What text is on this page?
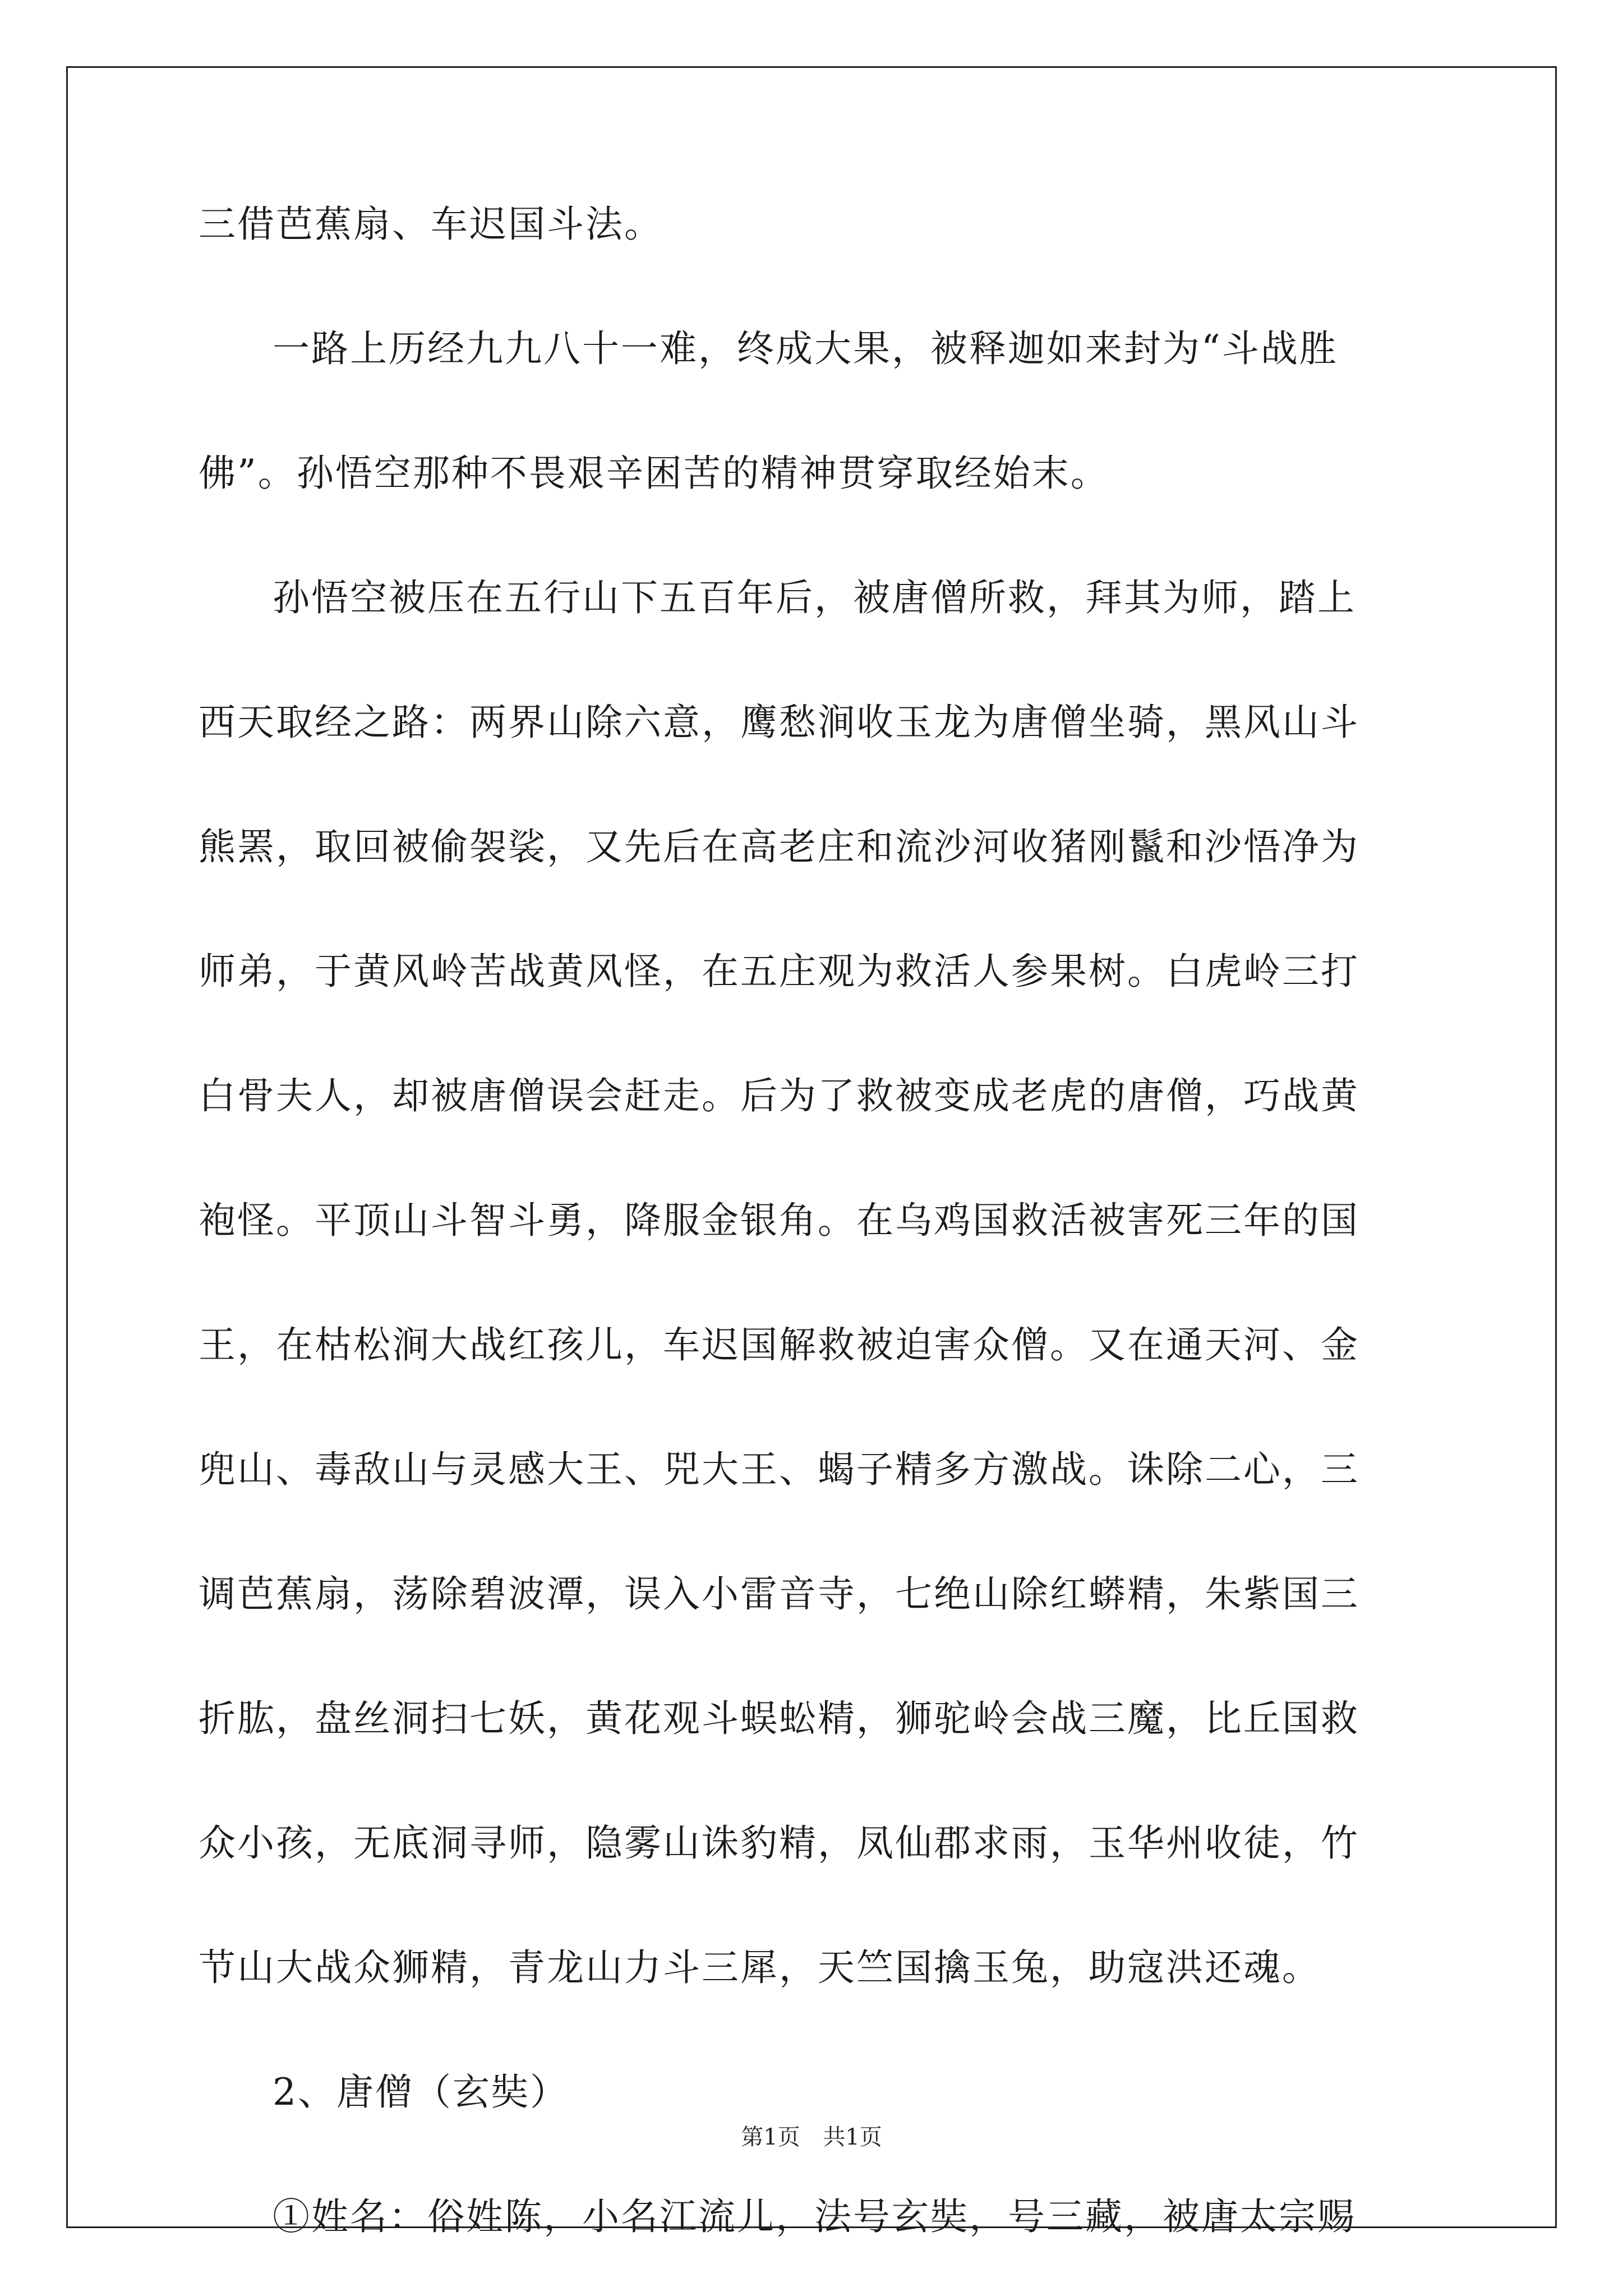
三借芭蕉扇、车迟国斗法。
一路上历经九九八十一难，终成大果，被释迦如来封为“斗战胜
佛”。孙悟空那种不畏艰辛困苦的精神贯穿取经始末。
孙悟空被压在五行山下五百年后，被唐僧所救，拜其为师，踏上
西天取经之路：两界山除六意，鹰愁涧收玉龙为唐僧坐骑，黑风山斗
熊罴，取回被偷袈裟，又先后在高老庄和流沙河收猪刚鬣和沙悟净为
师弟，于黄风岭苦战黄风怪，在五庄观为救活人参果树。白虎岭三打
白骨夫人，却被唐僧误会赶走。后为了救被变成老虎的唐僧，巧战黄
袍怪。平顶山斗智斗勇，降服金银角。在乌鸡国救活被害死三年的国
王，在枯松涧大战红孩儿，车迟国解救被迫害众僧。又在通天河、金
兜山、毒敌山与灵感大王、兕大王、蝎子精多方激战。诛除二心，三
调芭蕉扇，荡除碧波潭，误入小雷音寺，七绝山除红蟒精，朱紫国三
折肱，盘丝洞扫七妖，黄花观斗蜈蚣精，狮驼岭会战三魔，比丘国救
众小孩，无底洞寻师，隐雾山诛豹精，凤仙郡求雨，玉华州收徒，竹
节山大战众狮精，青龙山力斗三犀，天竺国擒玉兔，助寇洪还魂。
2、唐僧（玄奘）
①姓名：俗姓陈，小名江流儿，法号玄奘，号三藏，被唐太宗赐
第1页 共1页
